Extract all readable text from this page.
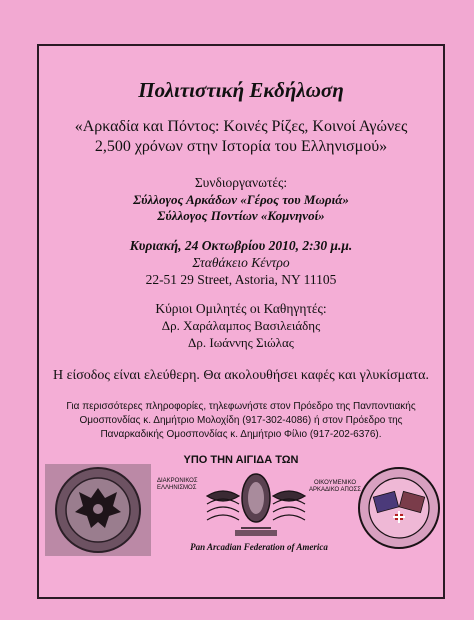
Πολιτιστική Εκδήλωση
«Αρκαδία και Πόντος: Κοινές Ρίζες, Κοινοί Αγώνες
2,500 χρόνων στην Ιστορία του Ελληνισμού»
Συνδιοργανωτές:
Σύλλογος Αρκάδων «Γέρος του Μωριά»
Σύλλογος Ποντίων «Κομνηνοί»
Κυριακή, 24 Οκτωβρίου 2010, 2:30 μ.μ.
Σταθάκειο Κέντρο
22-51 29 Street, Astoria, NY 11105
Κύριοι Ομιλητές οι Καθηγητές:
Δρ. Χαράλαμπος Βασιλειάδης
Δρ. Ιωάννης Σιώλας
Η είσοδος είναι ελεύθερη. Θα ακολουθήσει καφές και γλυκίσματα.
Για περισσότερες πληροφορίες, τηλεφωνήστε στον Πρόεδρο της Πανποντιακής
Ομοσπονδίας κ. Δημήτριο Μολοχίδη (917-302-4086) ή στον Πρόεδρο της
Παναρκαδικής Ομοσπονδίας κ. Δημήτριο Φίλιο (917-202-6376).
ΥΠΟ ΤΗΝ ΑΙΓΙΔΑ ΤΩΝ
ΔΙΑΚΡΟΝΙΚΟΣ ΕΛΛΗΝΙΣΜΟΣ
Pan Arcadian Federation of America
ΟΙΚΟΥΜΕΝΙΚΟ ΑΡΚΑΔΙΚΟ ΑΠΟΣΣ
